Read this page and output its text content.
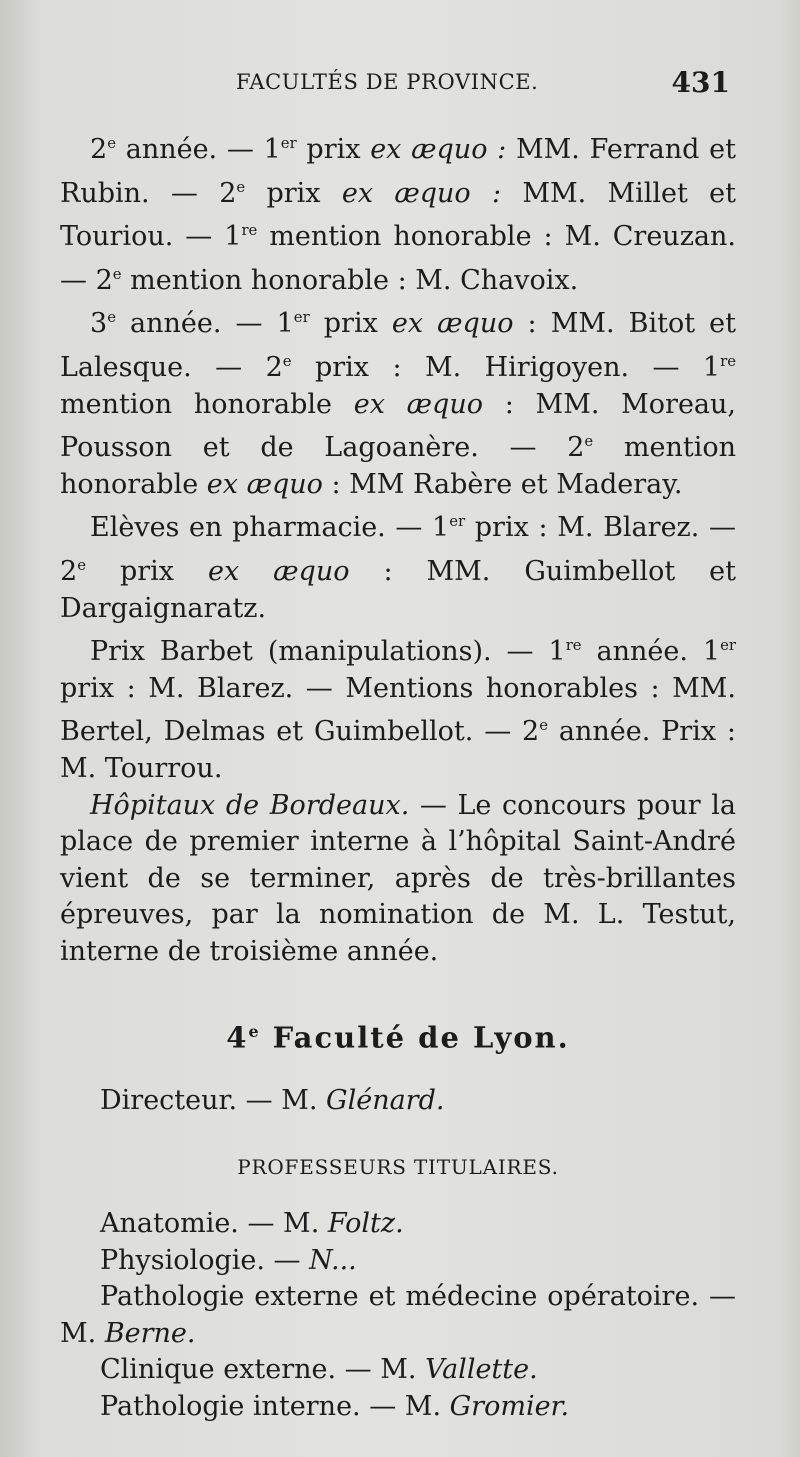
FACULTÉS DE PROVINCE.	431

2e année. — 1er prix ex æquo : MM. Ferrand et Rubin. — 2e prix ex æquo : MM. Millet et Touriou. — 1re mention honorable : M. Creuzan. — 2e mention honorable : M. Chavoix.

3e année. — 1er prix ex æquo : MM. Bitot et Lalesque. — 2e prix : M. Hirigoyen. — 1re mention honorable ex æquo : MM. Moreau, Pousson et de Lagoanère. — 2e mention honorable ex æquo : MM Rabère et Maderay.

Elèves en pharmacie. — 1er prix : M. Blarez. — 2e prix ex æquo : MM. Guimbellot et Dargaignaratz.

Prix Barbet (manipulations). — 1re année. 1er prix : M. Blarez. — Mentions honorables : MM. Bertel, Delmas et Guimbellot. — 2e année. Prix : M. Tourrou.

Hôpitaux de Bordeaux. — Le concours pour la place de premier interne à l’hôpital Saint-André vient de se terminer, après de très-brillantes épreuves, par la nomination de M. L. Testut, interne de troisième année.

4e Faculté de Lyon.

Directeur. — M. Glénard.

PROFESSEURS TITULAIRES.

Anatomie. — M. Foltz.

Physiologie. — N...

Pathologie externe et médecine opératoire. — M. Berne.

Clinique externe. — M. Vallette.

Pathologie interne. — M. Gromier.
